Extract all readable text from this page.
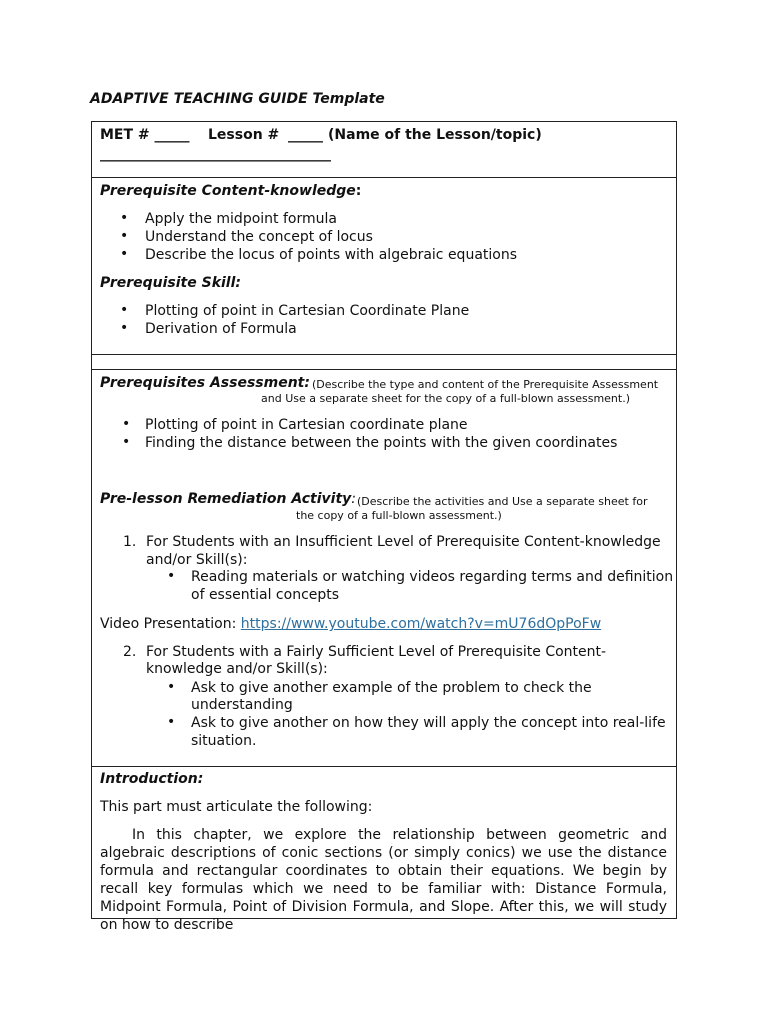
ADAPTIVE TEACHING GUIDE Template
MET # _____ Lesson # _____ (Name of the Lesson/topic)
_________________________________
Prerequisite Content-knowledge:
• Apply the midpoint formula
• Understand the concept of locus
• Describe the locus of points with algebraic equations
Prerequisite Skill:
• Plotting of point in Cartesian Coordinate Plane
• Derivation of Formula
Prerequisites Assessment: (Describe the type and content of the Prerequisite Assessment
and Use a separate sheet for the copy of a full-blown assessment.)
• Plotting of point in Cartesian coordinate plane
• Finding the distance between the points with the given coordinates
Pre-lesson Remediation Activity: (Describe the activities and Use a separate sheet for
the copy of a full-blown assessment.)
1. For Students with an Insufficient Level of Prerequisite Content-knowledge
and/or Skill(s):
• Reading materials or watching videos regarding terms and definition
of essential concepts
Video Presentation: https://www.youtube.com/watch?v=mU76dOpPoFw
2. For Students with a Fairly Sufficient Level of Prerequisite Content-
knowledge and/or Skill(s):
• Ask to give another example of the problem to check the
understanding
• Ask to give another on how they will apply the concept into real-life
situation.
Introduction:
This part must articulate the following:
In this chapter, we explore the relationship between geometric and algebraic descriptions of conic sections (or simply conics) we use the distance formula and rectangular coordinates to obtain their equations. We begin by recall key formulas which we need to be familiar with: Distance Formula, Midpoint Formula, Point of Division Formula, and Slope. After this, we will study on how to describe
